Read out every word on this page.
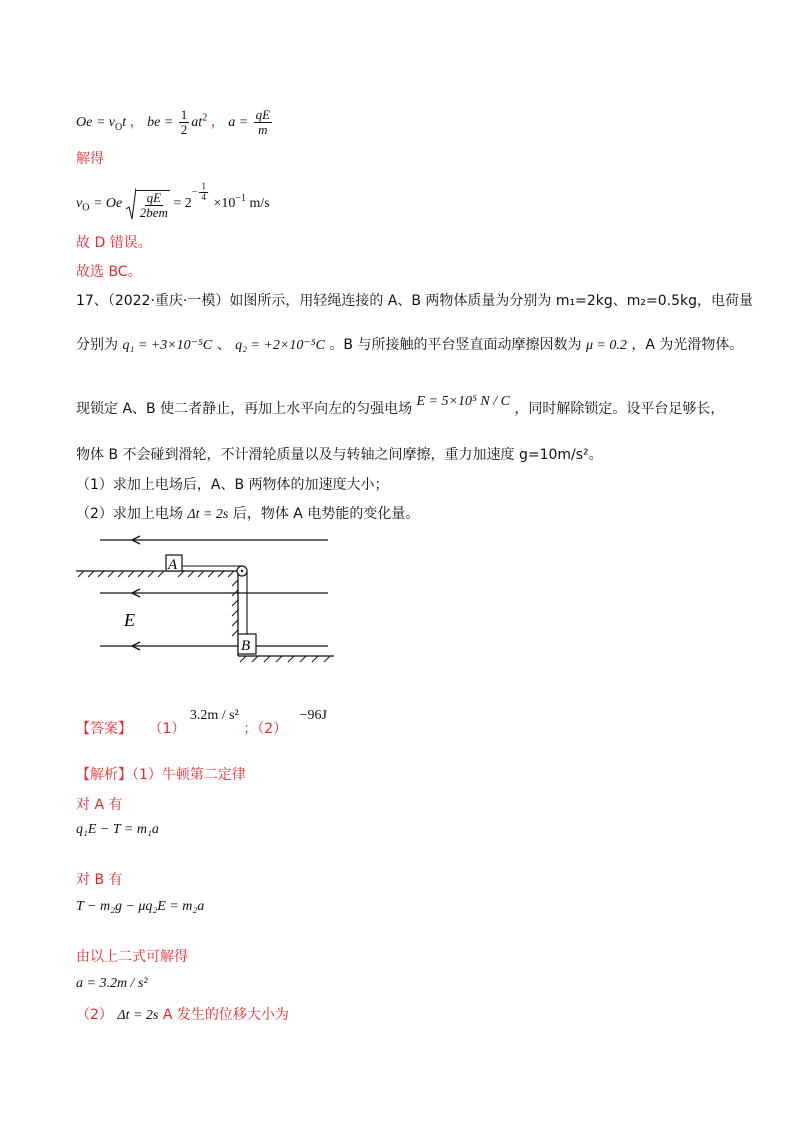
$Oe = v_Ot$ ， be = $\frac{1}{2} at^2$ ， $a = \frac{qE}{m}$
解得
$v_O = Oe \frac{qE}{\text{2bem}} = 2$
$^{- \frac{1}{4}}$
$\times 10^{-1}$ m/s
故 D 错误。
故选 BC。
17、（2022·重庆·一模）如图所示，用轻绳连接的 A、B 两物体质量为分别为 m₁=2kg、m₂=0.5kg，电荷量
分别为 q₁ = +3×10⁻⁵C 、 q₂ = +2×10⁻⁵C 。B 与所接触的平台竖直面动摩擦因数为 μ = 0.2 ，A 为光滑物体。
现锁定 A、B 使二者静止，再加上水平向左的匀强电场 E = 5×10⁵ N / C ，同时解除锁定。设平台足够长，
物体 B 不会碰到滑轮，不计滑轮质量以及与转轴之间摩擦，重力加速度 g=10m/s²。
（1）求加上电场后，A、B 两物体的加速度大小；
（2）求加上电场 Δt = 2s 后，物体 A 电势能的变化量。
A
E
B
【答案】 （1） 3.2m / s² ；（2） −96J
【解析】（1）牛顿第二定律
对 A 有
q₁E − T = m₁a
对 B 有
T − m₂g − μq₂E = m₂a
由以上二式可解得
a = 3.2m / s²
（2） Δt = 2s A 发生的位移大小为
